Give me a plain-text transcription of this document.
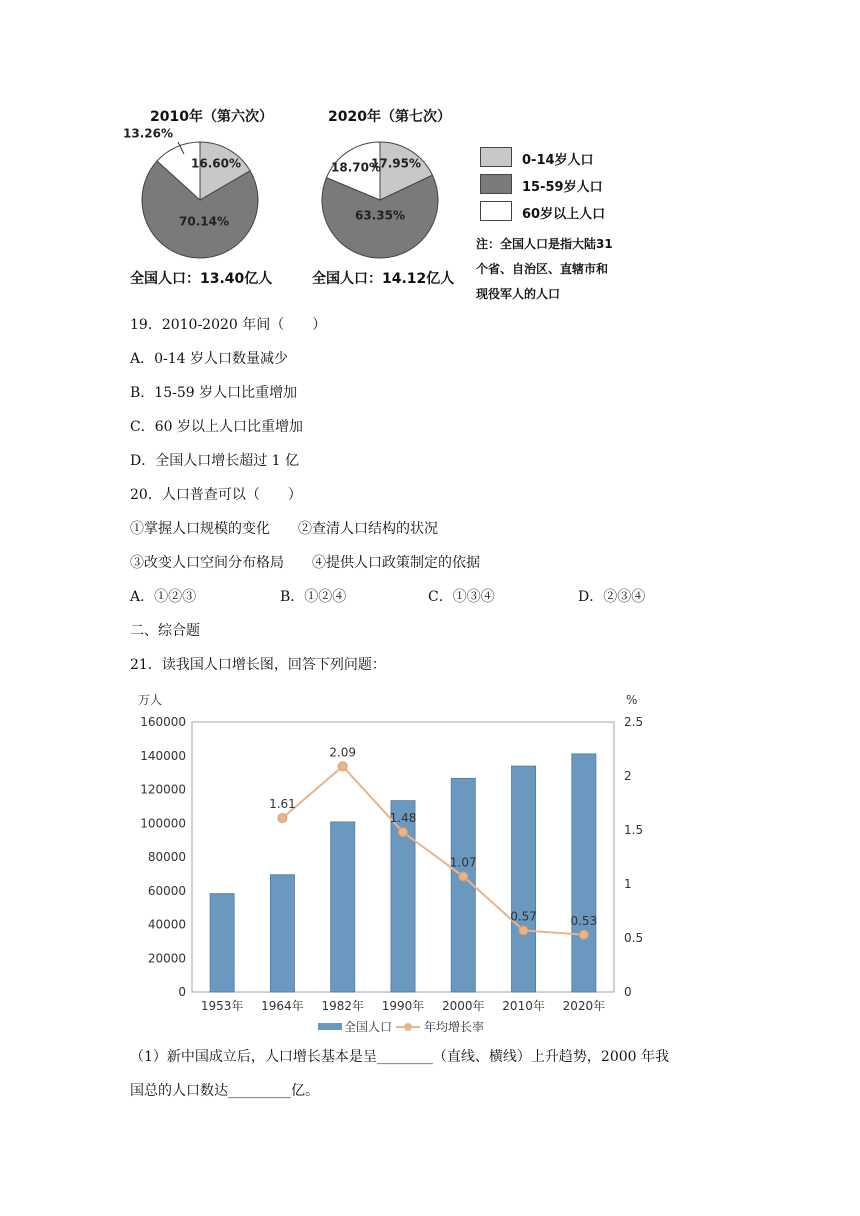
2010年（第六次）
16.60%
70.14%
13.26%
全国人口：13.40亿人
2020年（第七次）
17.95%
63.35%
18.70%
全国人口：14.12亿人
0-14岁人口
15-59岁人口
60岁以上人口
注：全国人口是指大陆31
个省、自治区、直辖市和
现役军人的人口
19．2010-2020 年间（　　）
A．0-14 岁人口数量减少
B．15-59 岁人口比重增加
C．60 岁以上人口比重增加
D．全国人口增长超过 1 亿
20．人口普查可以（　　）
①掌握人口规模的变化　　②查清人口结构的状况
③改变人口空间分布格局　　④提供人口政策制定的依据
A．①②③	B．①②④	C．①③④	D．②③④
二、综合题
21．读我国人口增长图，回答下列问题：
万人	%
0
20000
40000
60000
80000
100000
120000
140000
160000
0
0.5
1
1.5
2
2.5
1953年 1964年 1982年 1990年 2000年 2010年 2020年
1.61
2.09
1.48
1.07
0.57	0.53
全国人口	年均增长率
（1）新中国成立后，人口增长基本是呈________（直线、横线）上升趋势，2000 年我
国总的人口数达_________亿。
